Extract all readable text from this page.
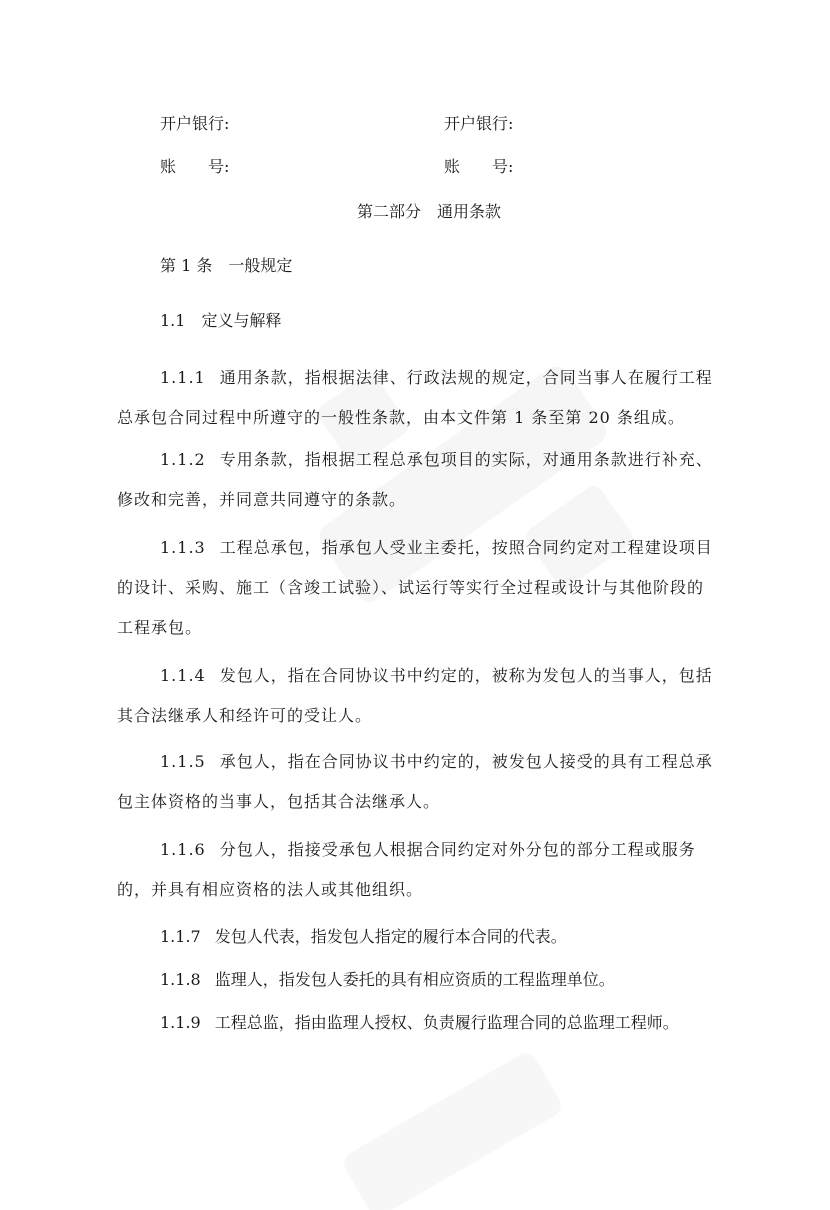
开户银行:	开户银行:
账　　号:	账　　号:
第二部分　通用条款
第 1 条　一般规定
1.1　定义与解释
1.1.1 通用条款，指根据法律、行政法规的规定，合同当事人在履行工程总承包合同过程中所遵守的一般性条款，由本文件第 1 条至第 20 条组成。
1.1.2 专用条款，指根据工程总承包项目的实际，对通用条款进行补充、修改和完善，并同意共同遵守的条款。
1.1.3 工程总承包，指承包人受业主委托，按照合同约定对工程建设项目的设计、采购、施工（含竣工试验）、试运行等实行全过程或设计与其他阶段的工程承包。
1.1.4 发包人，指在合同协议书中约定的，被称为发包人的当事人，包括其合法继承人和经许可的受让人。
1.1.5 承包人，指在合同协议书中约定的，被发包人接受的具有工程总承包主体资格的当事人，包括其合法继承人。
1.1.6 分包人，指接受承包人根据合同约定对外分包的部分工程或服务的，并具有相应资格的法人或其他组织。
1.1.7 发包人代表，指发包人指定的履行本合同的代表。
1.1.8 监理人，指发包人委托的具有相应资质的工程监理单位。
1.1.9 工程总监，指由监理人授权、负责履行监理合同的总监理工程师。
